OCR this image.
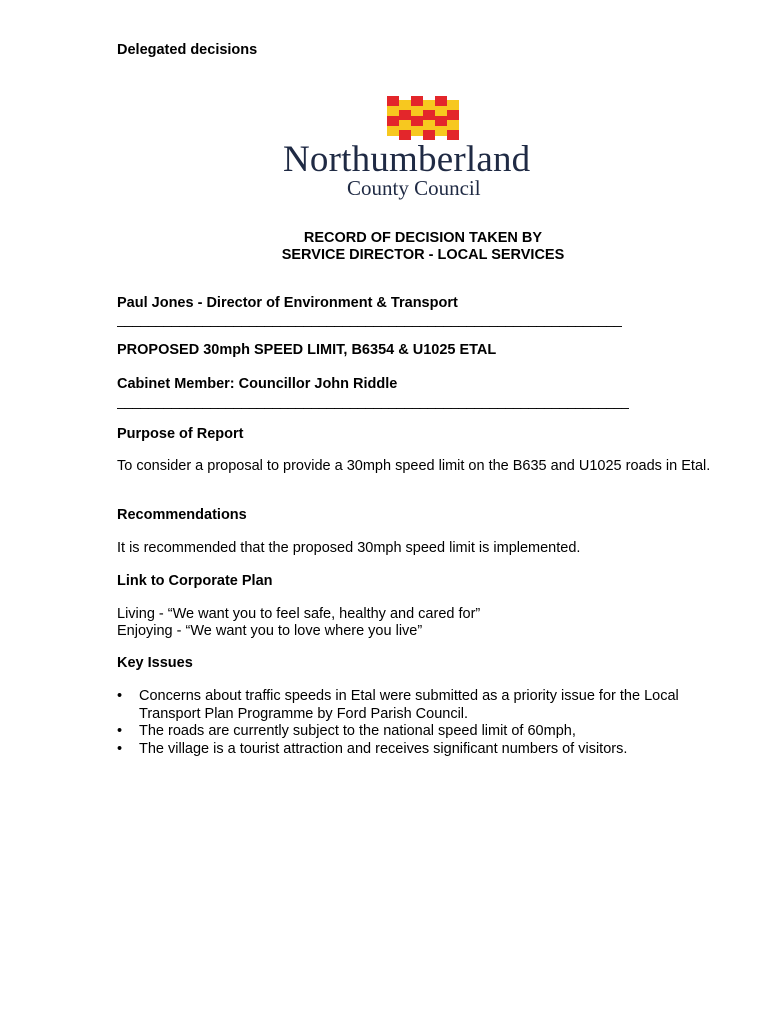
Delegated decisions
Northumberland
County Council
RECORD OF DECISION TAKEN BY
SERVICE DIRECTOR - LOCAL SERVICES
Paul Jones - Director of Environment & Transport
_________________________________________________________________
PROPOSED 30mph SPEED LIMIT, B6354 & U1025 ETAL
Cabinet Member: Councillor John Riddle
__________________________________________________________________
Purpose of Report
To consider a proposal to provide a 30mph speed limit on the B635 and U1025 roads in Etal.
Recommendations
It is recommended that the proposed 30mph speed limit is implemented.
Link to Corporate Plan
Living - “We want you to feel safe, healthy and cared for”
Enjoying - “We want you to love where you live”
Key Issues
• Concerns about traffic speeds in Etal were submitted as a priority issue for the Local Transport Plan Programme by Ford Parish Council.
• The roads are currently subject to the national speed limit of 60mph,
• The village is a tourist attraction and receives significant numbers of visitors.
